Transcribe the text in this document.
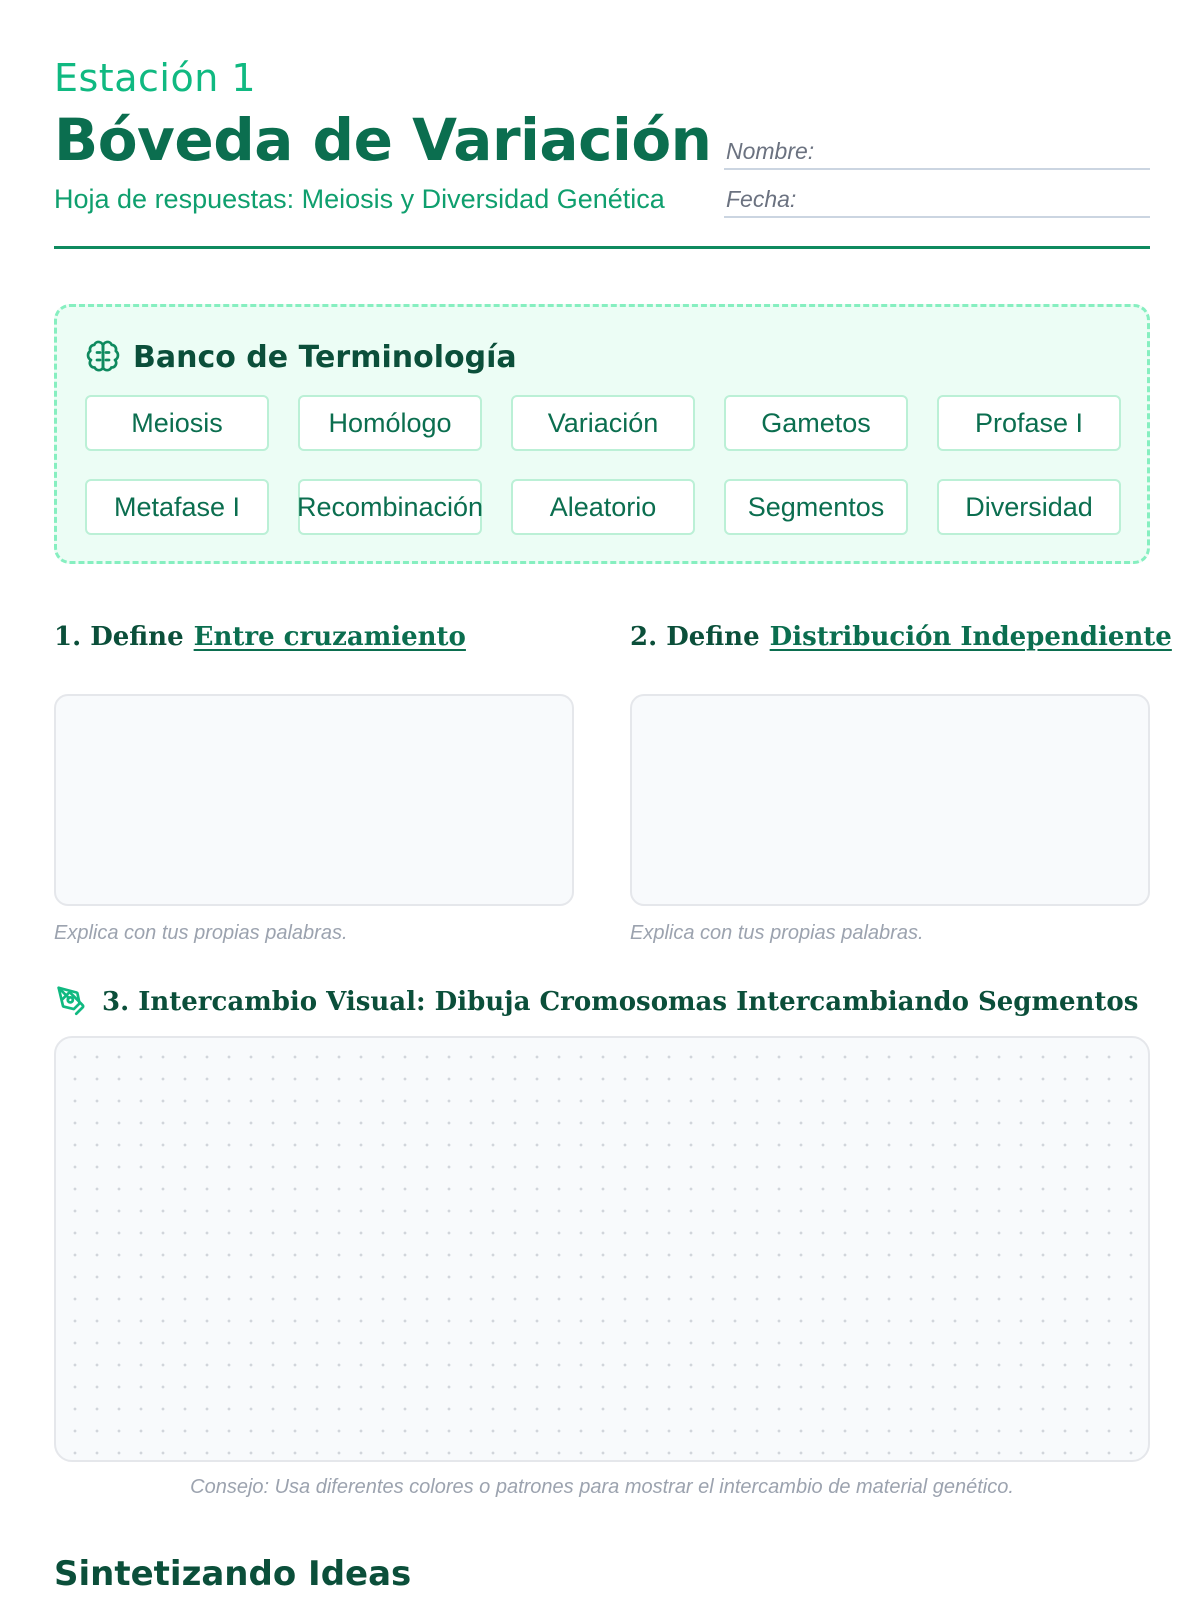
Estación 1
Bóveda de Variación
Hoja de respuestas: Meiosis y Diversidad Genética
Nombre:
Fecha:
Banco de Terminología
Meiosis	Homólogo	Variación	Gametos	Profase I
Metafase I	Recombinación	Aleatorio	Segmentos	Diversidad
1. Define Entre cruzamiento
Explica con tus propias palabras.
2. Define Distribución Independiente
Explica con tus propias palabras.
3. Intercambio Visual: Dibuja Cromosomas Intercambiando Segmentos
Consejo: Usa diferentes colores o patrones para mostrar el intercambio de material genético.
Sintetizando Ideas
